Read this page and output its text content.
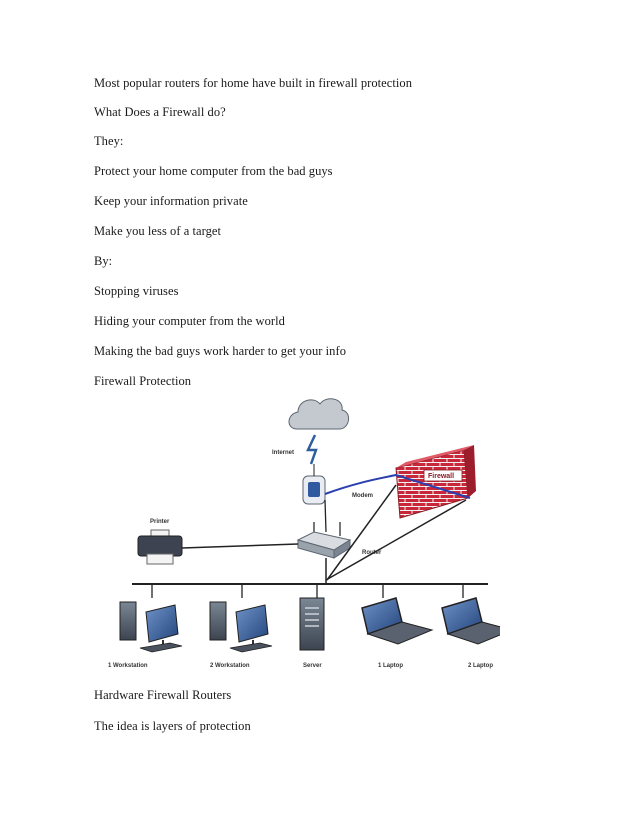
Most popular routers for home have built in firewall protection
What Does a Firewall do?
They:
Protect your home computer from the bad guys
Keep your information private
Make you less of a target
By:
Stopping viruses
Hiding your computer from the world
Making the bad guys work harder to get your info
Firewall Protection
Internet
Modem
Firewall
Router
Printer
1 Workstation	2 Workstation	Server	1 Laptop	2 Laptop
Hardware Firewall Routers
The idea is layers of protection
